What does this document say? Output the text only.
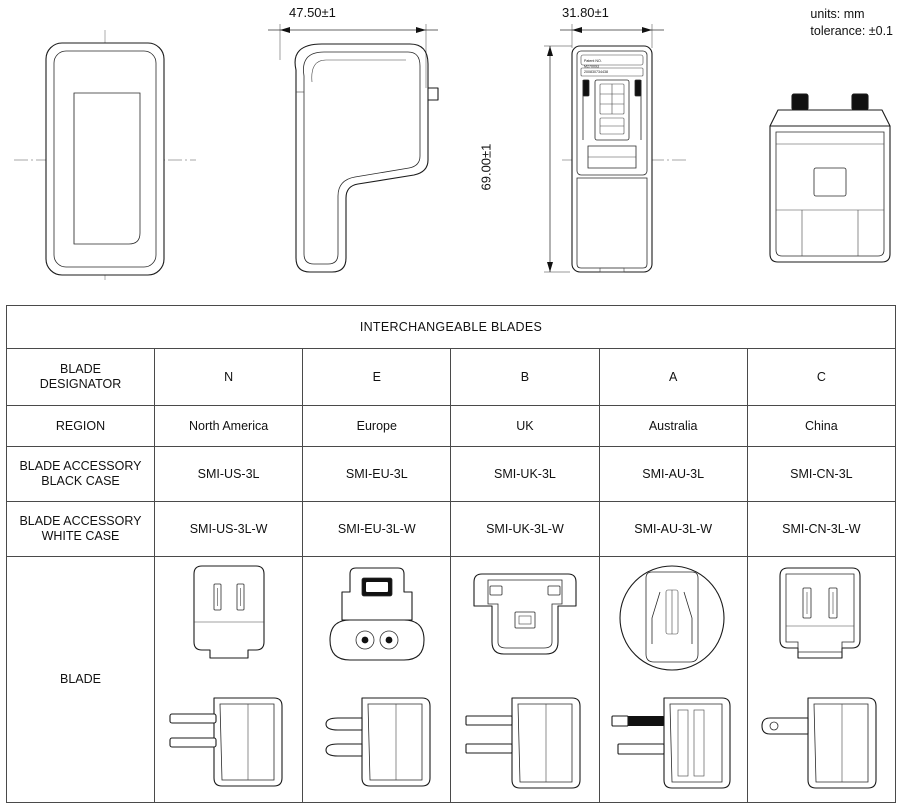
units: mm
tolerance: ±0.1
47.50±1	31.80±1
69.00±1
Patent NO.
M270093
200830734438
INTERCHANGEABLE BLADES					
BLADE
DESIGNATOR	N	E	B	A	C
REGION	North America	Europe	UK	Australia	China
BLADE ACCESSORY
BLACK CASE	SMI-US-3L	SMI-EU-3L	SMI-UK-3L	SMI-AU-3L	SMI-CN-3L
BLADE ACCESSORY
WHITE CASE	SMI-US-3L-W	SMI-EU-3L-W	SMI-UK-3L-W	SMI-AU-3L-W	SMI-CN-3L-W
BLADE	
